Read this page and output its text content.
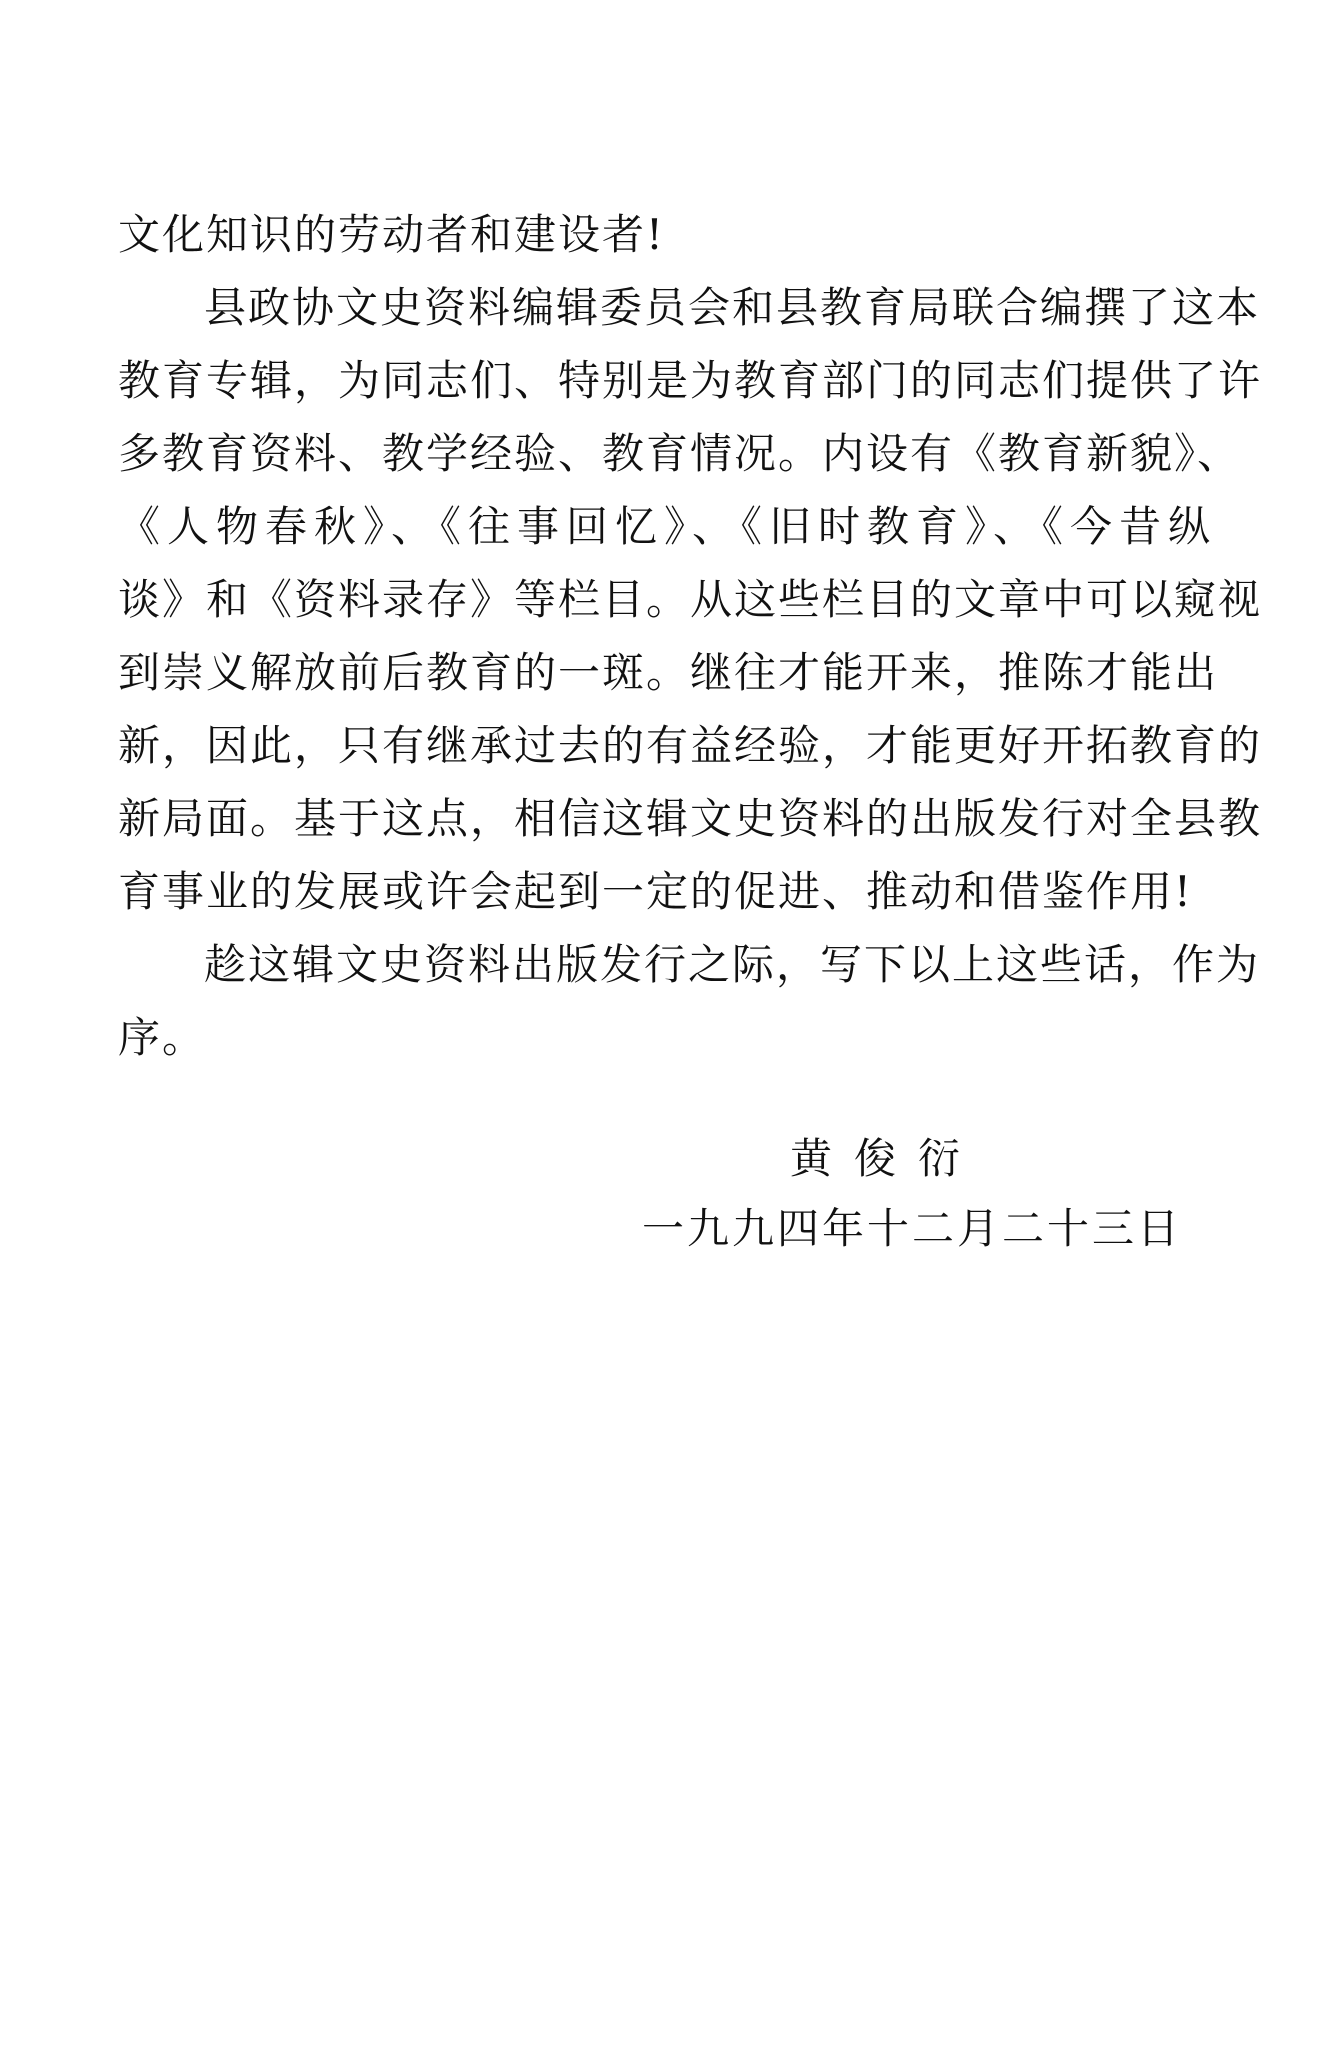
文化知识的劳动者和建设者!
县政协文史资料编辑委员会和县教育局联合编撰了这本
教育专辑，为同志们、特别是为教育部门的同志们提供了许
多教育资料、教学经验、教育情况。内设有《教育新貌》、
《人物春秋》、《往事回忆》、《旧时教育》、《今昔纵
谈》和《资料录存》等栏目。从这些栏目的文章中可以窥视
到崇义解放前后教育的一斑。继往才能开来，推陈才能出
新，因此，只有继承过去的有益经验，才能更好开拓教育的
新局面。基于这点，相信这辑文史资料的出版发行对全县教
育事业的发展或许会起到一定的促进、推动和借鉴作用!
趁这辑文史资料出版发行之际，写下以上这些话，作为
序。
黄俊衍
一九九四年十二月二十三日
